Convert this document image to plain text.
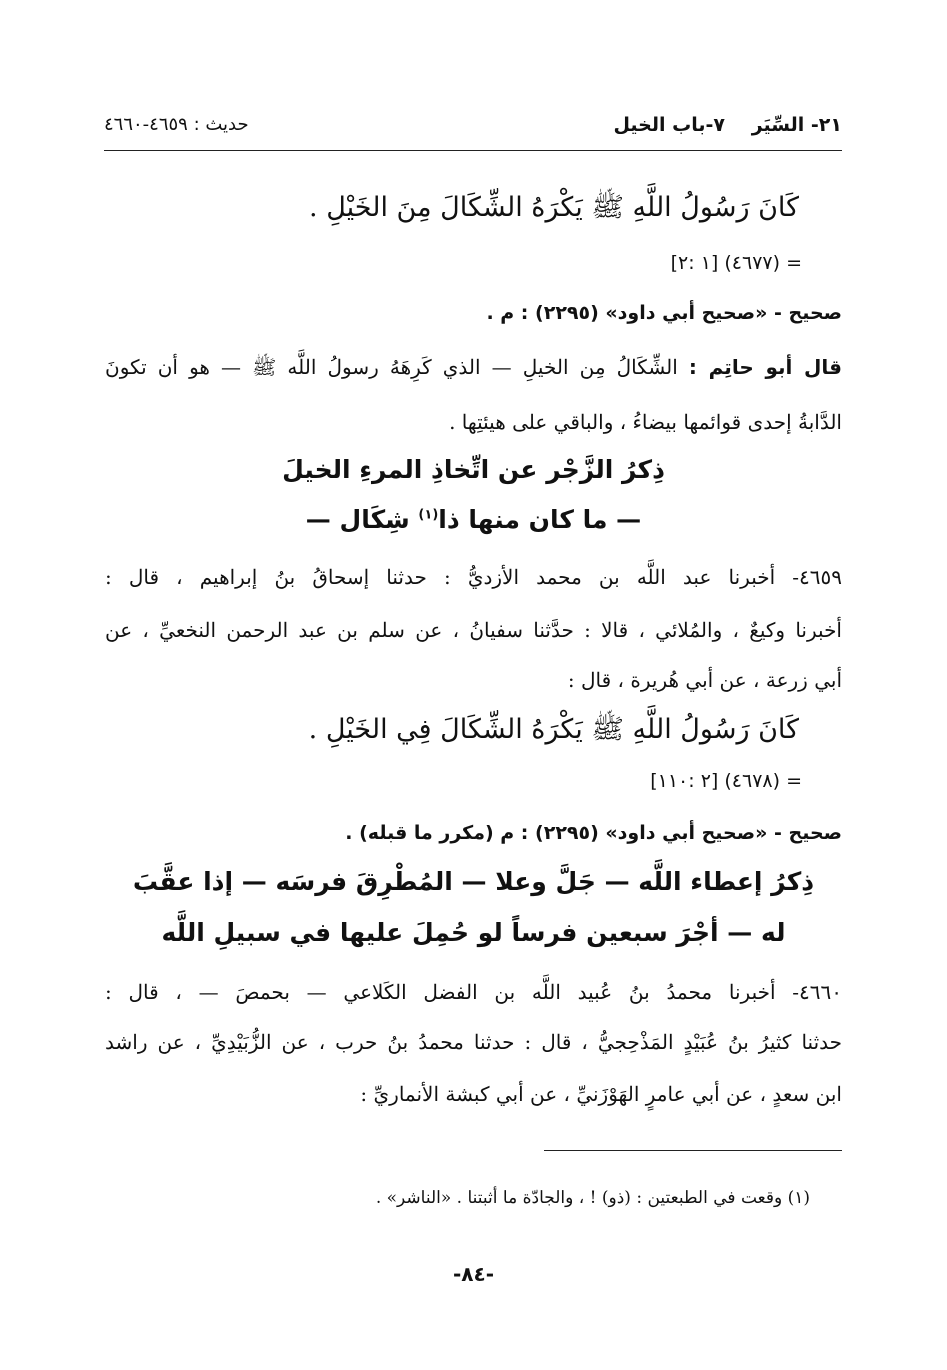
٢١- السِّيَر
٧-باب الخيل
حديث : ٤٦٥٩-٤٦٦٠
كَانَ رَسُولُ اللَّهِ ﷺ يَكْرَهُ الشِّكَالَ مِنَ الخَيْلِ .
= (٤٦٧٧) [١ :٢]
صحيح - «صحيح أبي داود» (٢٢٩٥) : م .
قال أبو حاتِم : الشِّكَالُ مِن الخيلِ — الذي كَرِهَهُ رسولُ اللَّه ﷺ — هو أن تكونَ
الدَّابةُ إحدى قوائمها بيضاءُ ، والباقي على هيئتِها .
ذِكرُ الزَّجْر عن اتِّخاذِ المرءِ الخيلَ
— ما كان منها ذا$^{(١)}$ شِكَال —
٤٦٥٩- أخبرنا عبد اللَّه بن محمد الأزديُّ : حدثنا إسحاقُ بنُ إبراهيم ، قال :
أخبرنا وكيعٌ ، والمُلائي ، قالا : حدَّثنا سفيانُ ، عن سلم بن عبد الرحمن النخعيِّ ، عن
أبي زرعة ، عن أبي هُريرة ، قال :
كَانَ رَسُولُ اللَّهِ ﷺ يَكْرَهُ الشِّكَالَ فِي الخَيْلِ .
= (٤٦٧٨) [٢ :١١٠]
صحيح - «صحيح أبي داود» (٢٢٩٥) : م (مكرر ما قبله) .
ذِكرُ إعطاء اللَّه — جَلَّ وعلا — المُطْرِقَ فرسَه — إذا عقَّبَ
له — أجْرَ سبعين فرساً لو حُمِلَ عليها في سبيلِ اللَّه
٤٦٦٠- أخبرنا محمدُ بنُ عُبيد اللَّه بن الفضل الكَلاعي — بحمصَ — ، قال :
حدثنا كثيرُ بنُ عُبَيْدٍ المَذْحِجيُّ ، قال : حدثنا محمدُ بنُ حرب ، عن الزُّبَيْدِيِّ ، عن راشد
ابن سعدٍ ، عن أبي عامرٍ الهَوْزَنيِّ ، عن أبي كبشة الأنماريِّ :
(١) وقعت في الطبعتين : (ذو) ! ، والجادّة ما أثبتنا . «الناشر» .
-٨٤-
